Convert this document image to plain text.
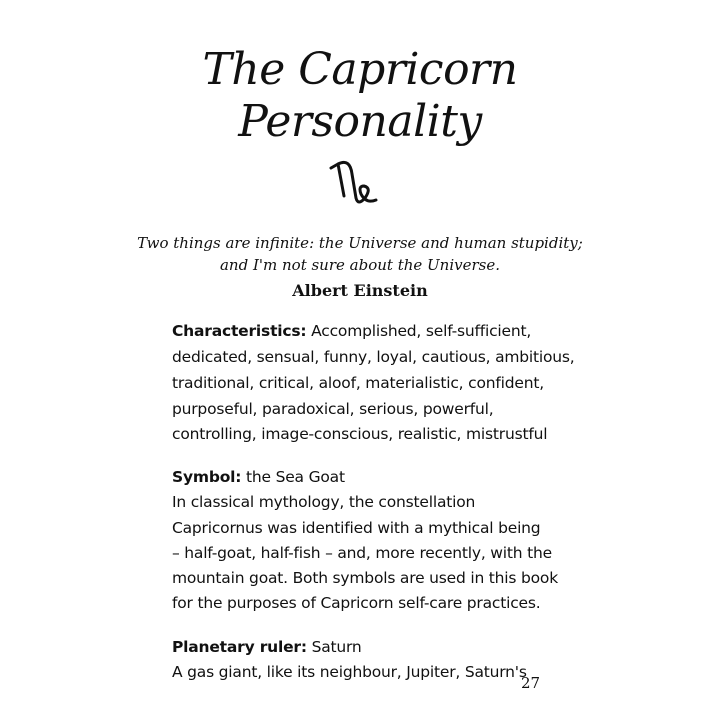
The Capricorn
Personality
Two things are infinite: the Universe and human stupidity;
and I'm not sure about the Universe.
Albert Einstein
Characteristics: Accomplished, self-sufficient,
dedicated, sensual, funny, loyal, cautious, ambitious,
traditional, critical, aloof, materialistic, confident,
purposeful, paradoxical, serious, powerful,
controlling, image-conscious, realistic, mistrustful
Symbol: the Sea Goat
In classical mythology, the constellation
Capricornus was identified with a mythical being
– half-goat, half-fish – and, more recently, with the
mountain goat. Both symbols are used in this book
for the purposes of Capricorn self-care practices.
Planetary ruler: Saturn
A gas giant, like its neighbour, Jupiter, Saturn's
27
